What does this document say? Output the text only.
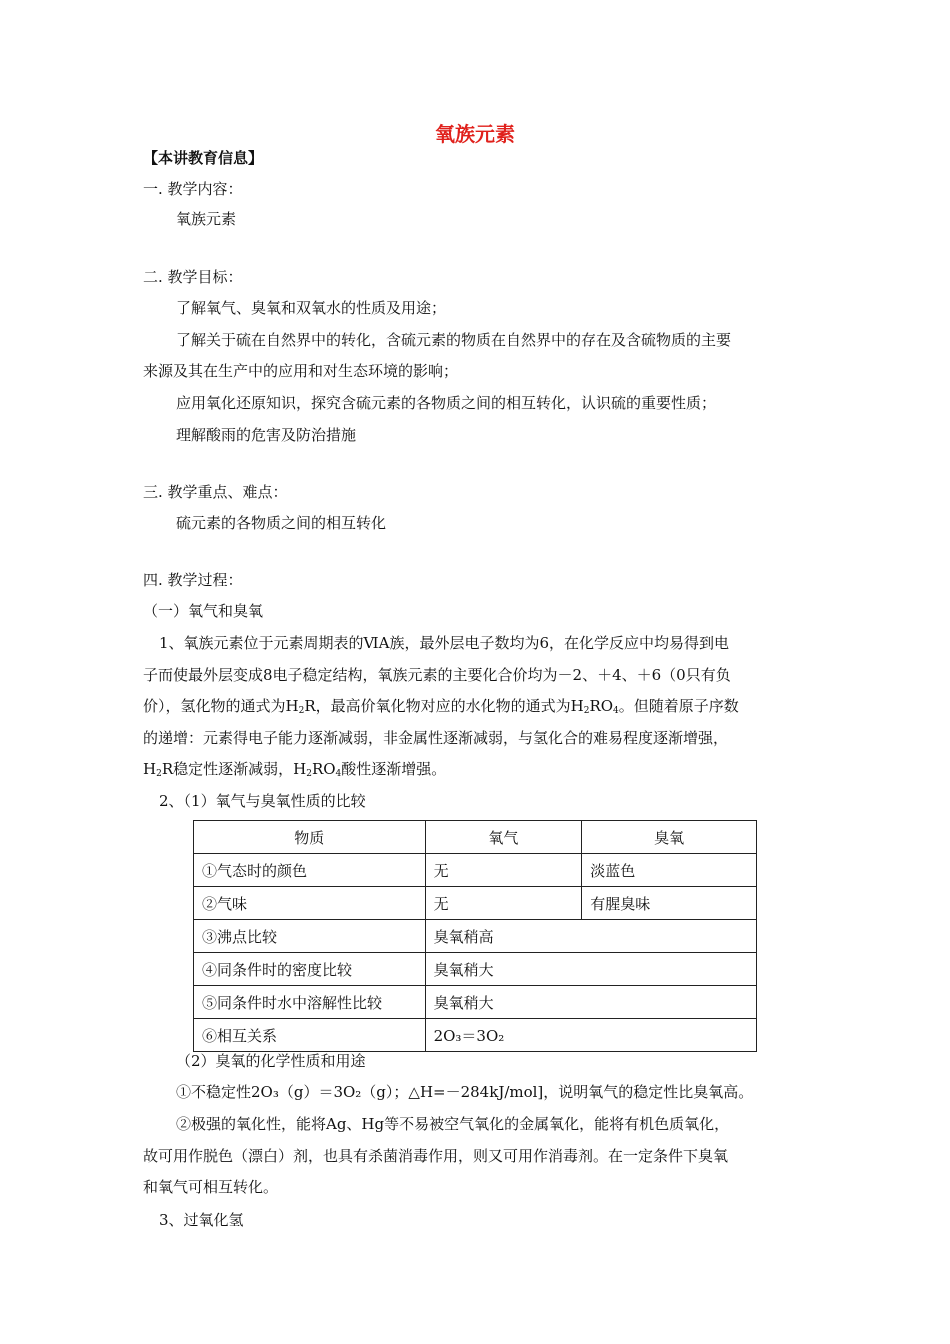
氧族元素
【本讲教育信息】
一. 教学内容：
氧族元素
二. 教学目标：
了解氧气、臭氧和双氧水的性质及用途；
了解关于硫在自然界中的转化，含硫元素的物质在自然界中的存在及含硫物质的主要
来源及其在生产中的应用和对生态环境的影响；
应用氧化还原知识，探究含硫元素的各物质之间的相互转化，认识硫的重要性质；
理解酸雨的危害及防治措施
三. 教学重点、难点：
硫元素的各物质之间的相互转化
四. 教学过程：
（一）氧气和臭氧
1、氧族元素位于元素周期表的ⅥA族，最外层电子数均为6，在化学反应中均易得到电
子而使最外层变成8电子稳定结构，氧族元素的主要化合价均为－2、＋4、＋6（0只有负
价），氢化物的通式为$H_2R$，最高价氧化物对应的水化物的通式为$H_2RO_4$。但随着原子序数
的递增：元素得电子能力逐渐减弱，非金属性逐渐减弱，与氢化合的难易程度逐渐增强，
$H_2R$稳定性逐渐减弱，$H_2RO_4$酸性逐渐增强。
2、（1）氧气与臭氧性质的比较
物质	氧气	臭氧
①气态时的颜色	无	淡蓝色
②气味	无	有腥臭味
③沸点比较	臭氧稍高	
④同条件时的密度比较	臭氧稍大	
⑤同条件时水中溶解性比较	臭氧稍大	
⑥相互关系	2O₃＝3O₂	
（2）臭氧的化学性质和用途
①不稳定性2O₃（g）＝3O₂（g）；△H=－284kJ/mol]，说明氧气的稳定性比臭氧高。
②极强的氧化性，能将Ag、Hg等不易被空气氧化的金属氧化，能将有机色质氧化，
故可用作脱色（漂白）剂，也具有杀菌消毒作用，则又可用作消毒剂。在一定条件下臭氧
和氧气可相互转化。
3、过氧化氢
